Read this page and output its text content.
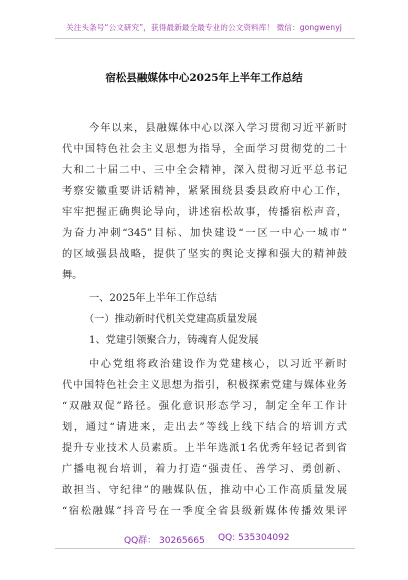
关注头条号“公文研究”，获得最新最全最专业的公文资料库！ 微信：gongwenyj
宿松县融媒体中心2025年上半年工作总结
今年以来，县融媒体中心以深入学习贯彻习近平新时
代中国特色社会主义思想为指导，全面学习贯彻党的二十
大和二十届二中、三中全会精神，深入贯彻习近平总书记
考察安徽重要讲话精神，紧紧围绕县委县政府中心工作，
牢牢把握正确舆论导向，讲述宿松故事，传播宿松声音，
为奋力冲刺“345”目标、加快建设“一区一中心一城市”
的区域强县战略，提供了坚实的舆论支撑和强大的精神鼓
舞。
一、2025年上半年工作总结
（一）推动新时代机关党建高质量发展
1、党建引领聚合力，铸魂育人促发展
中心党组将政治建设作为党建核心，以习近平新时
代中国特色社会主义思想为指引，积极探索党建与媒体业务
“双融双促”路径。强化意识形态学习，制定全年工作计
划，通过“请进来，走出去”等线上线下结合的培训方式
提升专业技术人员素质。上半年选派1名优秀年轻记者到省
广播电视台培训，着力打造“强责任、善学习、勇创新、
敢担当、守纪律”的融媒队伍，推动中心工作高质量发展
“宿松融媒”抖音号在一季度全省县级新媒体传播效果评
QQ群： 30265665 QQ: 535304092
